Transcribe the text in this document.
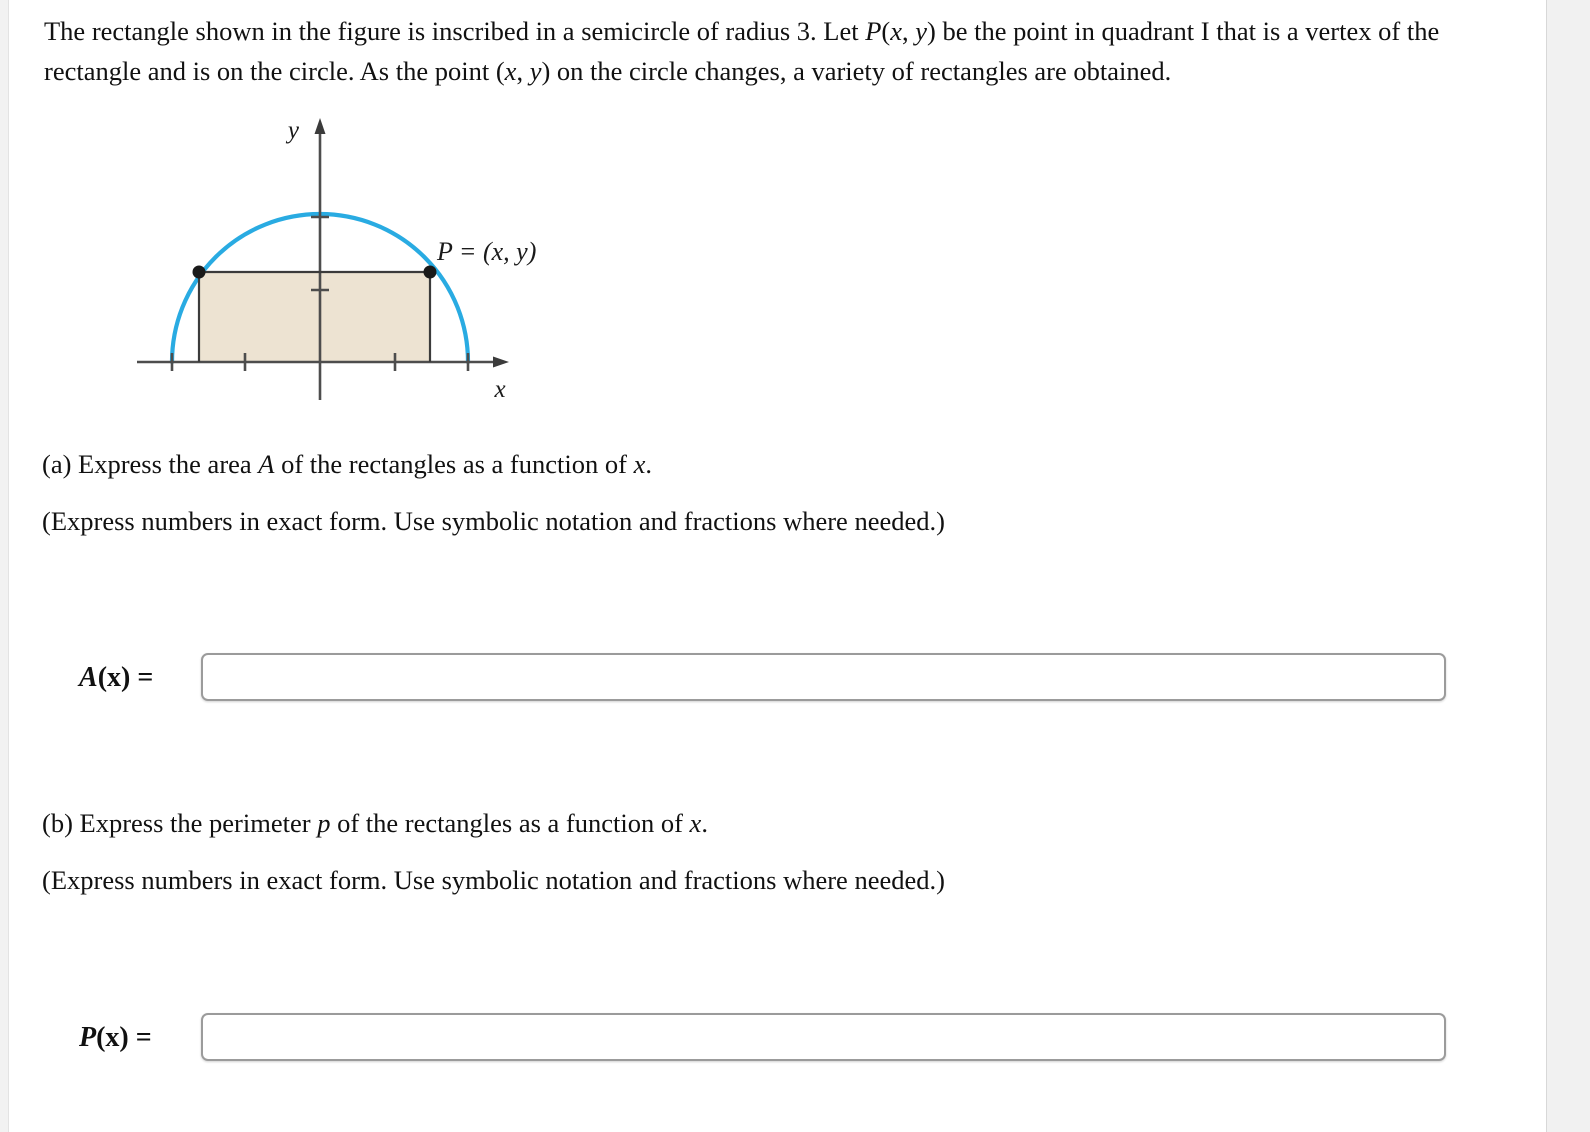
The rectangle shown in the figure is inscribed in a semicircle of radius 3. Let P(x, y) be the point in quadrant I that is a vertex of the rectangle and is on the circle. As the point (x, y) on the circle changes, a variety of rectangles are obtained.
y
x
P = (x, y)
(a) Express the area A of the rectangles as a function of x.
(Express numbers in exact form. Use symbolic notation and fractions where needed.)
A(x) =
(b) Express the perimeter p of the rectangles as a function of x.
(Express numbers in exact form. Use symbolic notation and fractions where needed.)
P(x) =
